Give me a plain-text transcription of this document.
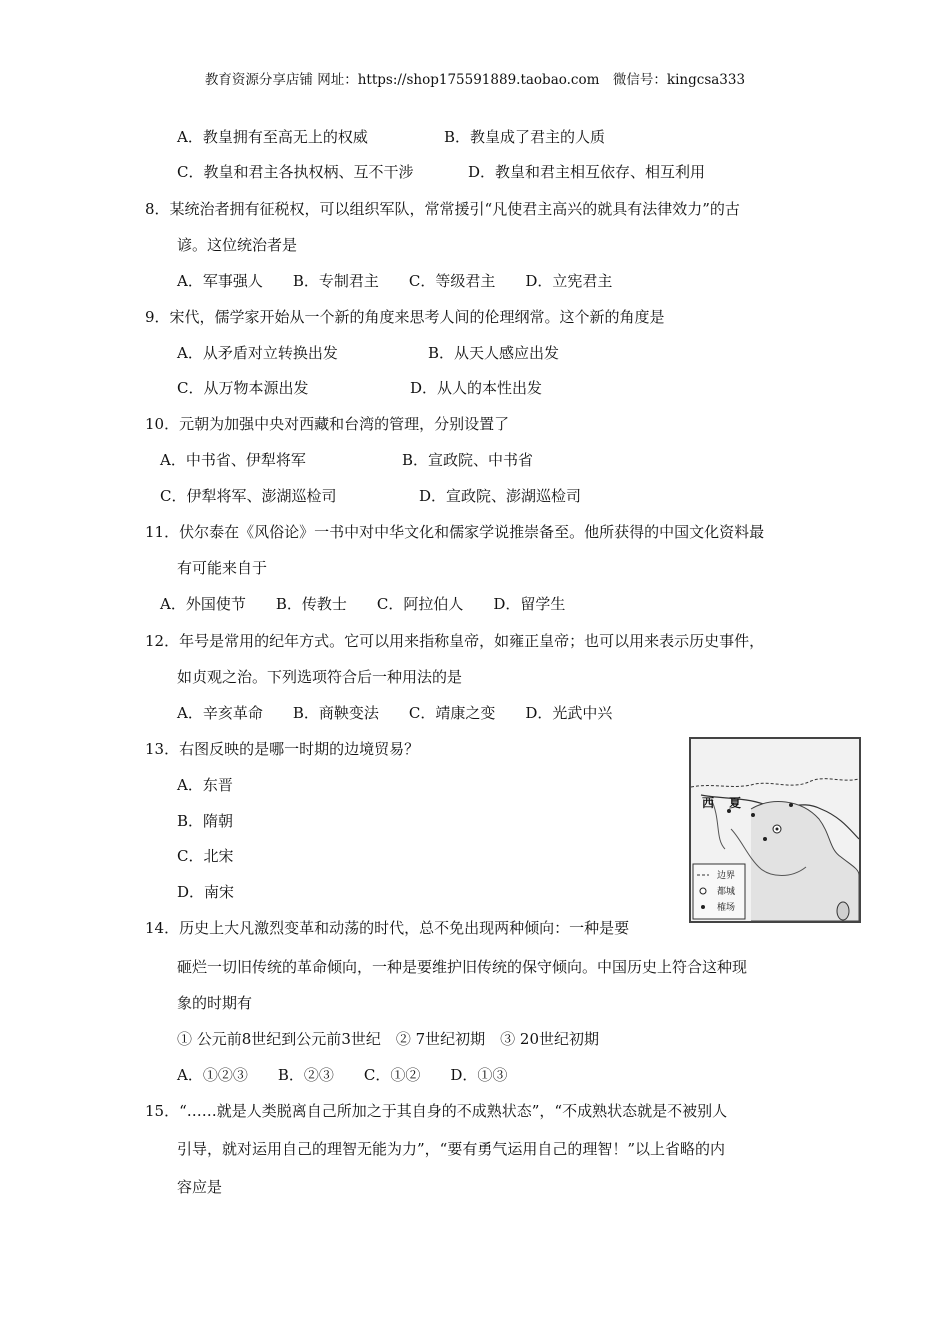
教育资源分享店铺 网址：https://shop175591889.taobao.com　微信号：kingcsa333
A．教皇拥有至高无上的权威	B．教皇成了君主的人质
C．教皇和君主各执权柄、互不干涉	D．教皇和君主相互依存、相互利用
8．某统治者拥有征税权，可以组织军队，常常援引“凡使君主高兴的就具有法律效力”的古
谚。这位统治者是
A．军事强人　　B．专制君主　　C．等级君主　　D．立宪君主
9．宋代，儒学家开始从一个新的角度来思考人间的伦理纲常。这个新的角度是
A．从矛盾对立转换出发	B．从天人感应出发
C．从万物本源出发	D．从人的本性出发
10．元朝为加强中央对西藏和台湾的管理，分别设置了
A．中书省、伊犁将军	B．宣政院、中书省
C．伊犁将军、澎湖巡检司	D．宣政院、澎湖巡检司
11．伏尔泰在《风俗论》一书中对中华文化和儒家学说推崇备至。他所获得的中国文化资料最
有可能来自于
A．外国使节　　B．传教士　　C．阿拉伯人　　D．留学生
12．年号是常用的纪年方式。它可以用来指称皇帝，如雍正皇帝；也可以用来表示历史事件，
如贞观之治。下列选项符合后一种用法的是
A．辛亥革命　　B．商鞅变法　　C．靖康之变　　D．光武中兴
13．右图反映的是哪一时期的边境贸易？
A．东晋
B．隋朝
C．北宋
D．南宋
西 夏
边界
都城
榷场
14．历史上大凡激烈变革和动荡的时代，总不免出现两种倾向：一种是要
砸烂一切旧传统的革命倾向，一种是要维护旧传统的保守倾向。中国历史上符合这种现
象的时期有
① 公元前8世纪到公元前3世纪　② 7世纪初期　③ 20世纪初期
A．①②③　　B．②③　　C．①②　　D．①③
15．“……就是人类脱离自己所加之于其自身的不成熟状态”，“不成熟状态就是不被别人
引导，就对运用自己的理智无能为力”，“要有勇气运用自己的理智！”以上省略的内
容应是
